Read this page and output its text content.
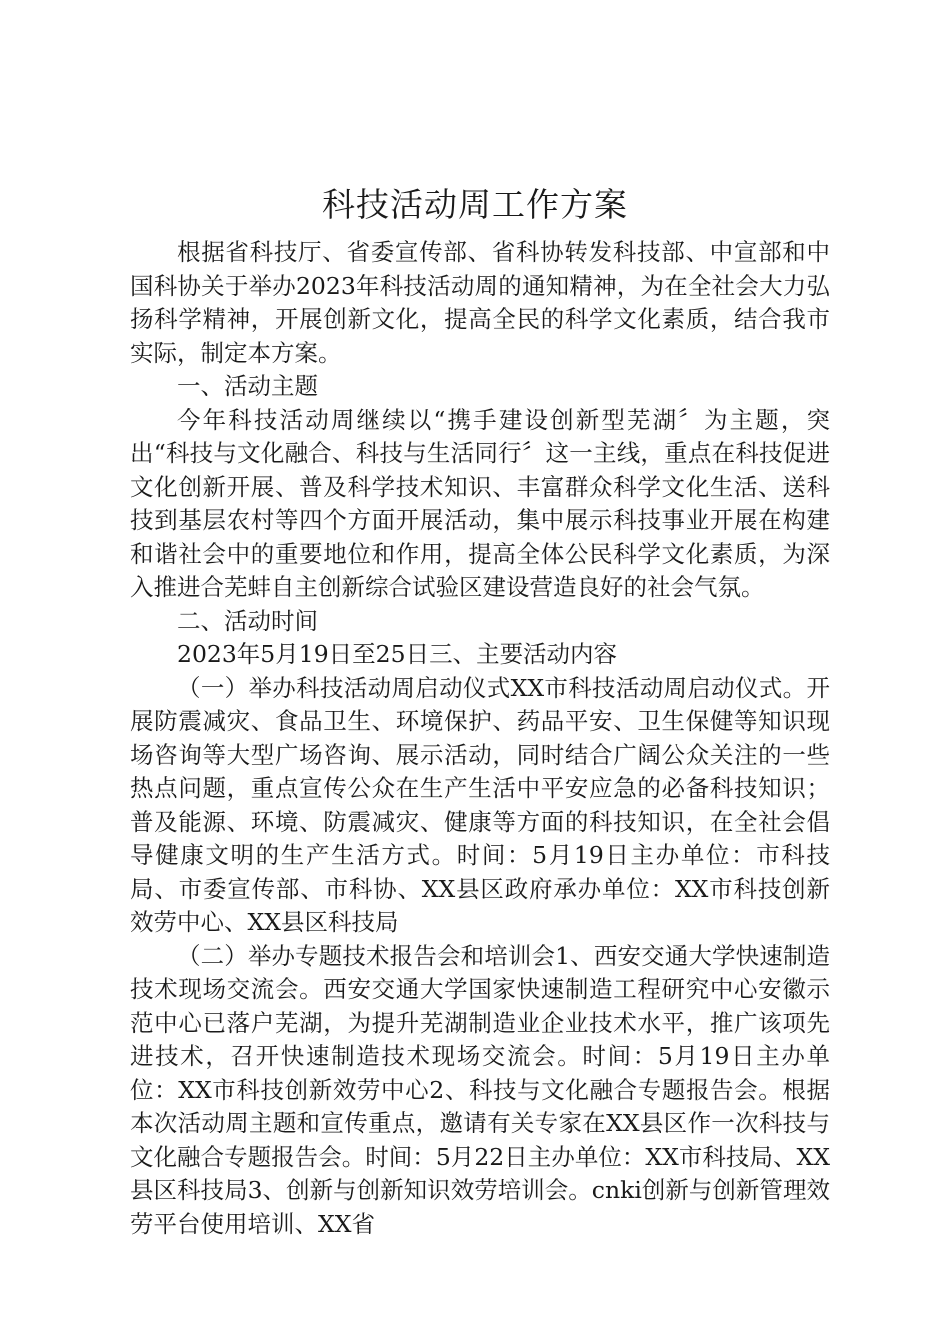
科技活动周工作方案

根据省科技厅、省委宣传部、省科协转发科技部、中宣部和中国科协关于举办2023年科技活动周的通知精神，为在全社会大力弘扬科学精神，开展创新文化，提高全民的科学文化素质，结合我市实际，制定本方案。

一、活动主题

今年科技活动周继续以“携手建设创新型芜湖〞为主题，突出“科技与文化融合、科技与生活同行〞这一主线，重点在科技促进文化创新开展、普及科学技术知识、丰富群众科学文化生活、送科技到基层农村等四个方面开展活动，集中展示科技事业开展在构建和谐社会中的重要地位和作用，提高全体公民科学文化素质，为深入推进合芜蚌自主创新综合试验区建设营造良好的社会气氛。

二、活动时间

2023年5月19日至25日三、主要活动内容

（一）举办科技活动周启动仪式XX市科技活动周启动仪式。开展防震减灾、食品卫生、环境保护、药品平安、卫生保健等知识现场咨询等大型广场咨询、展示活动，同时结合广阔公众关注的一些热点问题，重点宣传公众在生产生活中平安应急的必备科技知识；普及能源、环境、防震减灾、健康等方面的科技知识，在全社会倡导健康文明的生产生活方式。时间：5月19日主办单位：市科技局、市委宣传部、市科协、XX县区政府承办单位：XX市科技创新效劳中心、XX县区科技局

（二）举办专题技术报告会和培训会1、西安交通大学快速制造技术现场交流会。西安交通大学国家快速制造工程研究中心安徽示范中心已落户芜湖，为提升芜湖制造业企业技术水平，推广该项先进技术，召开快速制造技术现场交流会。时间：5月19日主办单位：XX市科技创新效劳中心2、科技与文化融合专题报告会。根据本次活动周主题和宣传重点，邀请有关专家在XX县区作一次科技与文化融合专题报告会。时间：5月22日主办单位：XX市科技局、XX县区科技局3、创新与创新知识效劳培训会。cnki创新与创新管理效劳平台使用培训、XX省
